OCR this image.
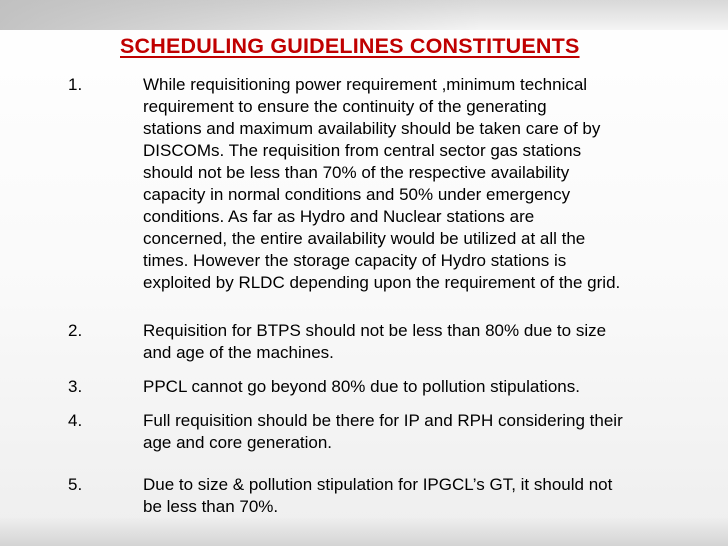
SCHEDULING GUIDELINES CONSTITUENTS
1.	While requisitioning power requirement ,minimum technical
requirement to ensure the continuity of the generating
stations and maximum availability should be taken care of by
DISCOMs. The requisition from central sector gas stations
should not be less than 70% of the respective availability
capacity in normal conditions and 50% under emergency
conditions. As far as Hydro and Nuclear stations are
concerned, the entire availability would be utilized at all the
times. However the storage capacity of Hydro stations is
exploited by RLDC depending upon the requirement of the grid.
2.	Requisition for BTPS should not be less than 80% due to size
and age of the machines.
3.	PPCL cannot go beyond 80% due to pollution stipulations.
4.	Full requisition should be there for IP and RPH considering their
age and core generation.
5.	Due to size & pollution stipulation for IPGCL’s GT, it should not
be less than 70%.
